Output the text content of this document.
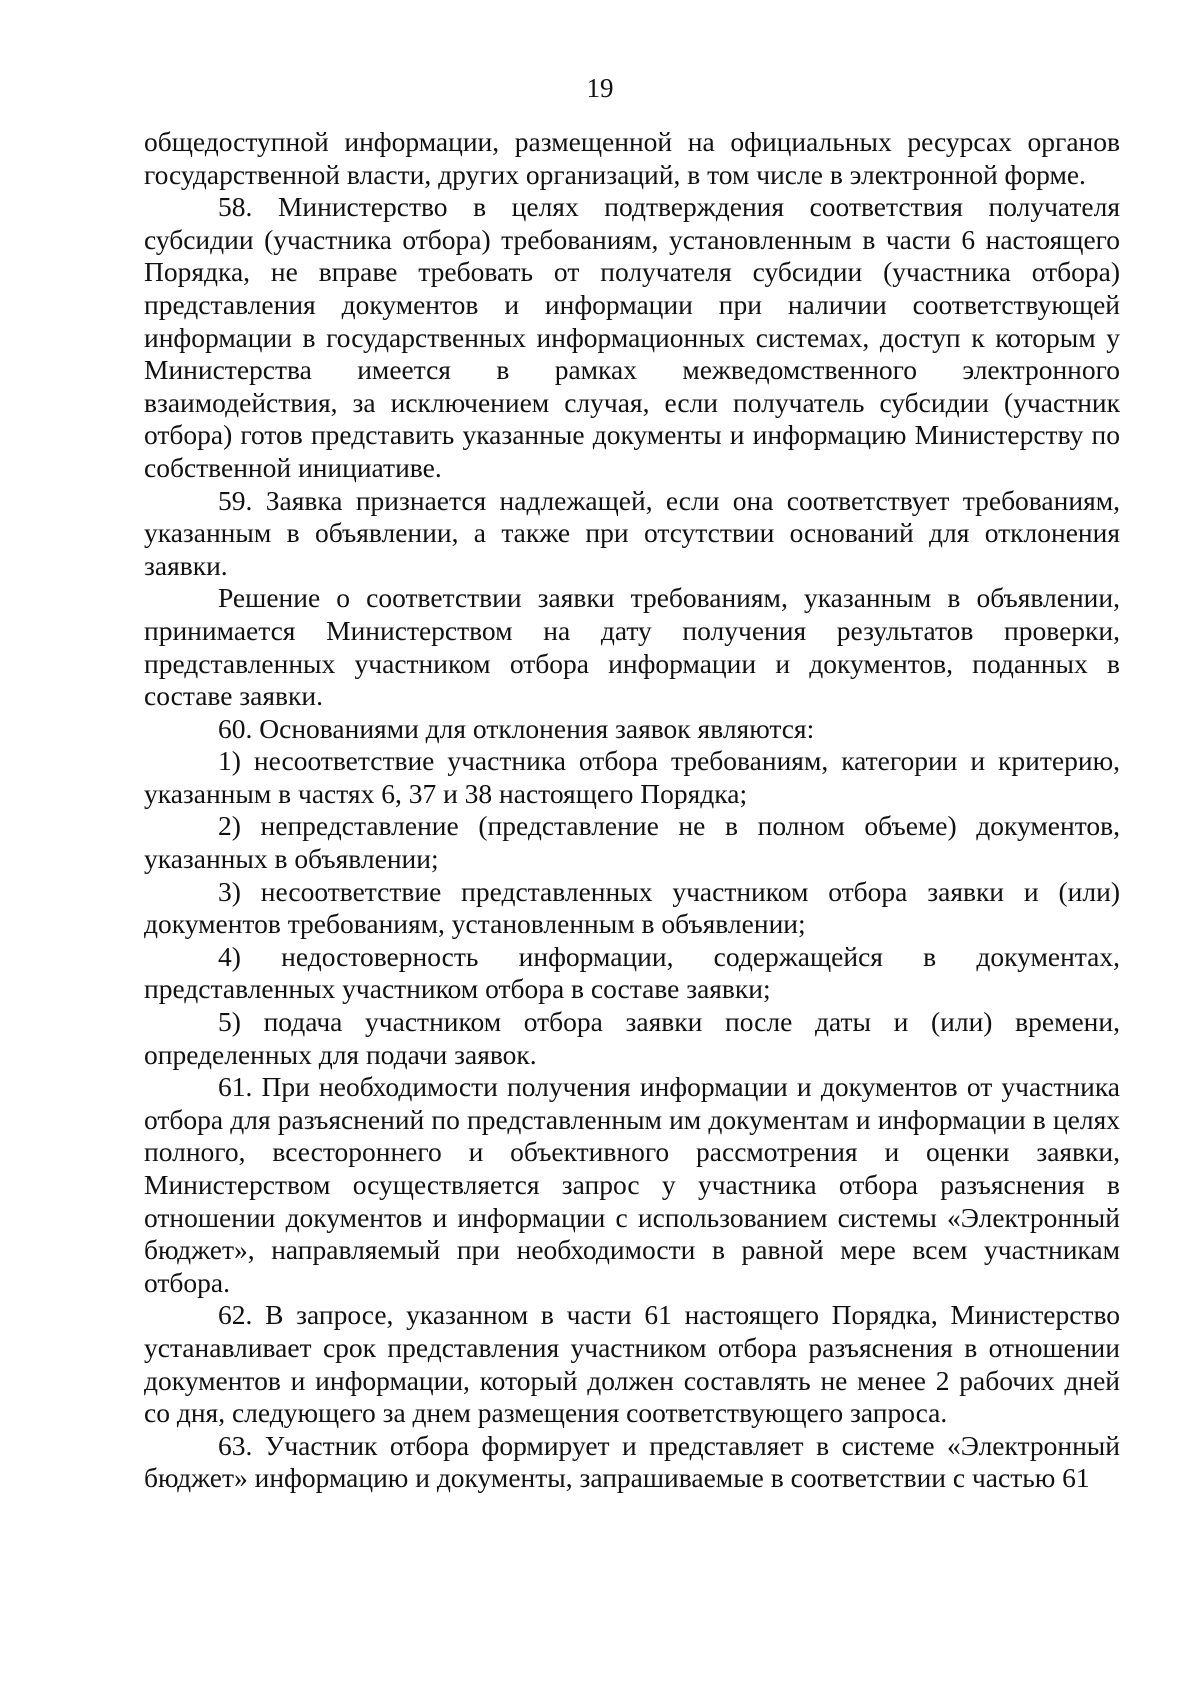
19

общедоступной информации, размещенной на официальных ресурсах органов государственной власти, других организаций, в том числе в электронной форме.

58. Министерство в целях подтверждения соответствия получателя субсидии (участника отбора) требованиям, установленным в части 6 настоящего Порядка, не вправе требовать от получателя субсидии (участника отбора) представления документов и информации при наличии соответствующей информации в государственных информационных системах, доступ к которым у Министерства имеется в рамках межведомственного электронного взаимодействия, за исключением случая, если получатель субсидии (участник отбора) готов представить указанные документы и информацию Министерству по собственной инициативе.

59. Заявка признается надлежащей, если она соответствует требованиям, указанным в объявлении, а также при отсутствии оснований для отклонения заявки.

Решение о соответствии заявки требованиям, указанным в объявлении, принимается Министерством на дату получения результатов проверки, представленных участником отбора информации и документов, поданных в составе заявки.

60. Основаниями для отклонения заявок являются:

1) несоответствие участника отбора требованиям, категории и критерию, указанным в частях 6, 37 и 38 настоящего Порядка;

2) непредставление (представление не в полном объеме) документов, указанных в объявлении;

3) несоответствие представленных участником отбора заявки и (или) документов требованиям, установленным в объявлении;

4) недостоверность информации, содержащейся в документах, представленных участником отбора в составе заявки;

5) подача участником отбора заявки после даты и (или) времени, определенных для подачи заявок.

61. При необходимости получения информации и документов от участника отбора для разъяснений по представленным им документам и информации в целях полного, всестороннего и объективного рассмотрения и оценки заявки, Министерством осуществляется запрос у участника отбора разъяснения в отношении документов и информации с использованием системы «Электронный бюджет», направляемый при необходимости в равной мере всем участникам отбора.

62. В запросе, указанном в части 61 настоящего Порядка, Министерство устанавливает срок представления участником отбора разъяснения в отношении документов и информации, который должен составлять не менее 2 рабочих дней со дня, следующего за днем размещения соответствующего запроса.

63. Участник отбора формирует и представляет в системе «Электронный бюджет» информацию и документы, запрашиваемые в соответствии с частью 61
